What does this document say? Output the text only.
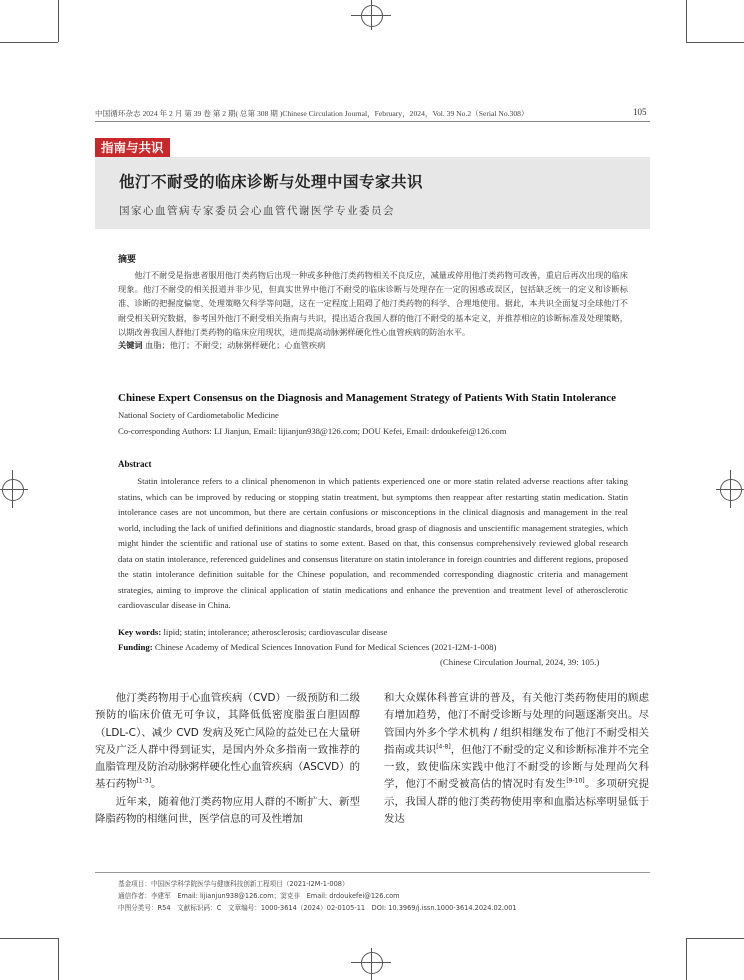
中国循环杂志 2024 年 2 月 第 39 卷 第 2 期( 总第 308 期 )Chinese Circulation Journal，February，2024，Vol. 39 No.2（Serial No.308）	105
指南与共识
他汀不耐受的临床诊断与处理中国专家共识
国家心血管病专家委员会心血管代谢医学专业委员会
摘要

他汀不耐受是指患者服用他汀类药物后出现一种或多种他汀类药物相关不良反应，减量或停用他汀类药物可改善，重启后再次出现的临床现象。他汀不耐受的相关报道并非少见，但真实世界中他汀不耐受的临床诊断与处理存在一定的困惑或误区，包括缺乏统一的定义和诊断标准、诊断的把握度偏宽、处理策略欠科学等问题，这在一定程度上阻碍了他汀类药物的科学、合理地使用。据此，本共识全面复习全球他汀不耐受相关研究数据，参考国外他汀不耐受相关指南与共识，提出适合我国人群的他汀不耐受的基本定义，并推荐相应的诊断标准及处理策略，以期改善我国人群他汀类药物的临床应用现状，进而提高动脉粥样硬化性心血管疾病的防治水平。

关键词 血脂；他汀；不耐受；动脉粥样硬化；心血管疾病
Chinese Expert Consensus on the Diagnosis and Management Strategy of Patients With Statin Intolerance
National Society of Cardiometabolic Medicine
Co-corresponding Authors: LI Jianjun, Email: lijianjun938@126.com; DOU Kefei, Email: drdoukefei@126.com
Abstract

Statin intolerance refers to a clinical phenomenon in which patients experienced one or more statin related adverse reactions after taking statins, which can be improved by reducing or stopping statin treatment, but symptoms then reappear after restarting statin medication. Statin intolerance cases are not uncommon, but there are certain confusions or misconceptions in the clinical diagnosis and management in the real world, including the lack of unified definitions and diagnostic standards, broad grasp of diagnosis and unscientific management strategies, which might hinder the scientific and rational use of statins to some extent. Based on that, this consensus comprehensively reviewed global research data on statin intolerance, referenced guidelines and consensus literature on statin intolerance in foreign countries and different regions, proposed the statin intolerance definition suitable for the Chinese population, and recommended corresponding diagnostic criteria and management strategies, aiming to improve the clinical application of statin medications and enhance the prevention and treatment level of atherosclerotic cardiovascular disease in China.

Key words: lipid; statin; intolerance; atherosclerosis; cardiovascular disease
Funding: Chinese Academy of Medical Sciences Innovation Fund for Medical Sciences (2021-I2M-1-008)
(Chinese Circulation Journal, 2024, 39: 105.)

他汀类药物用于心血管疾病（CVD）一级预防和二级预防的临床价值无可争议，其降低低密度脂蛋白胆固醇（LDL-C）、减少 CVD 发病及死亡风险的益处已在大量研究及广泛人群中得到证实，是国内外众多指南一致推荐的血脂管理及防治动脉粥样硬化性心血管疾病（ASCVD）的基石药物[1-3]。

近年来，随着他汀类药物应用人群的不断扩大、新型降脂药物的相继问世，医学信息的可及性增加

和大众媒体科普宣讲的普及，有关他汀类药物使用的顾虑有增加趋势，他汀不耐受诊断与处理的问题逐渐突出。尽管国内外多个学术机构 / 组织相继发布了他汀不耐受相关指南或共识[4-8]，但他汀不耐受的定义和诊断标准并不完全一致，致使临床实践中他汀不耐受的诊断与处理尚欠科学，他汀不耐受被高估的情况时有发生[9-10]。多项研究提示，我国人群的他汀类药物使用率和血脂达标率明显低于发达

基金项目：中国医学科学院医学与健康科技创新工程项目（2021-I2M-1-008）
通信作者：李建军　Email: lijianjun938@126.com；窦克非　Email: drdoukefei@126.com
中图分类号：R54　文献标识码：C　文章编号：1000-3614（2024）02-0105-11　DOI: 10.3969/j.issn.1000-3614.2024.02.001
